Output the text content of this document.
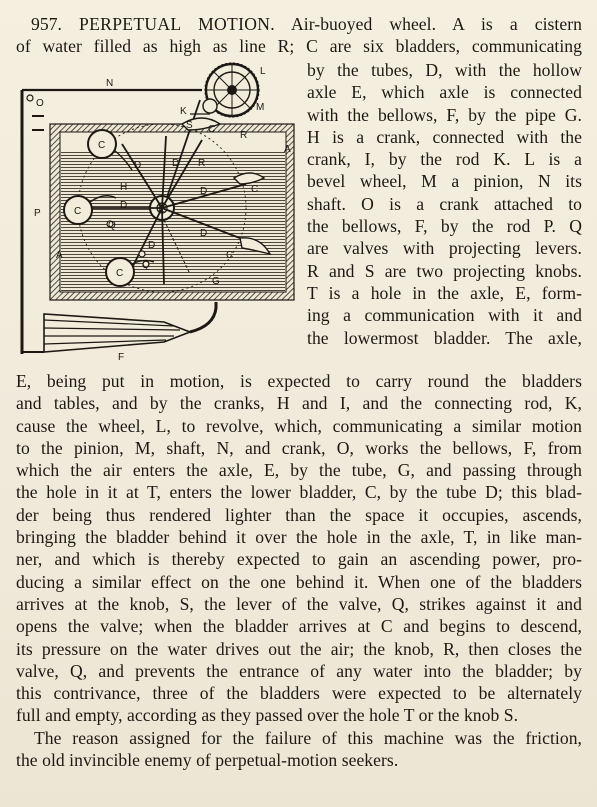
957. PERPETUAL MOTION. Air-buoyed wheel. A is a cistern
of water filled as high as line R; C are six bladders, communicating
N
L
M
O
K
S C
R
A
C
D	D R
H	D	C
C
D	E
Q
D
P
A
D
C
Q
C
G
F
by the tubes, D, with the hollow
axle E, which axle is connected
with the bellows, F, by the pipe G.
H is a crank, connected with the
crank, I, by the rod K. L is a
bevel wheel, M a pinion, N its
shaft. O is a crank attached to
the bellows, F, by the rod P. Q
are valves with projecting levers.
R and S are two projecting knobs.
T is a hole in the axle, E, form-
ing a communication with it and
the lowermost bladder. The axle,
E, being put in motion, is expected to carry round the bladders
and tables, and by the cranks, H and I, and the connecting rod, K,
cause the wheel, L, to revolve, which, communicating a similar motion
to the pinion, M, shaft, N, and crank, O, works the bellows, F, from
which the air enters the axle, E, by the tube, G, and passing through
the hole in it at T, enters the lower bladder, C, by the tube D; this blad-
der being thus rendered lighter than the space it occupies, ascends,
bringing the bladder behind it over the hole in the axle, T, in like man-
ner, and which is thereby expected to gain an ascending power, pro-
ducing a similar effect on the one behind it. When one of the bladders
arrives at the knob, S, the lever of the valve, Q, strikes against it and
opens the valve; when the bladder arrives at C and begins to descend,
its pressure on the water drives out the air; the knob, R, then closes the
valve, Q, and prevents the entrance of any water into the bladder; by
this contrivance, three of the bladders were expected to be alternately
full and empty, according as they passed over the hole T or the knob S.
The reason assigned for the failure of this machine was the friction,
the old invincible enemy of perpetual-motion seekers.
